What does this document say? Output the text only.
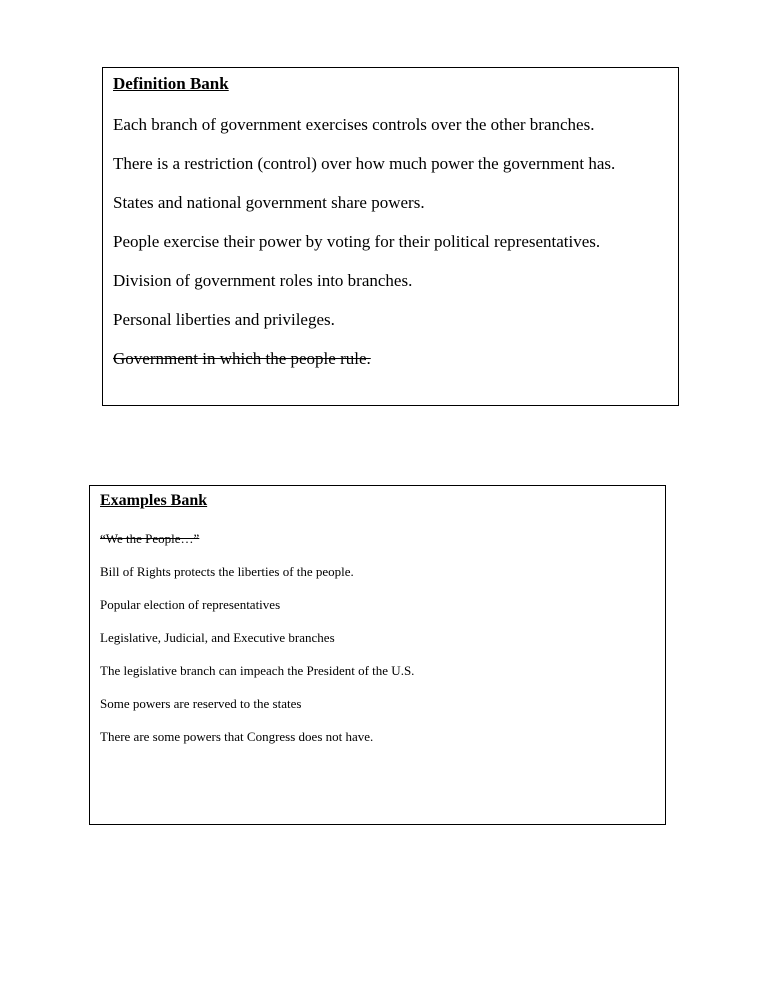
Definition Bank

Each branch of government exercises controls over the other branches.
There is a restriction (control) over how much power the government has.
States and national government share powers.
People exercise their power by voting for their political representatives.
Division of government roles into branches.
Personal liberties and privileges.
Government in which the people rule.

Examples Bank

“We the People…”
Bill of Rights protects the liberties of the people.
Popular election of representatives
Legislative, Judicial, and Executive branches
The legislative branch can impeach the President of the U.S.
Some powers are reserved to the states
There are some powers that Congress does not have.
